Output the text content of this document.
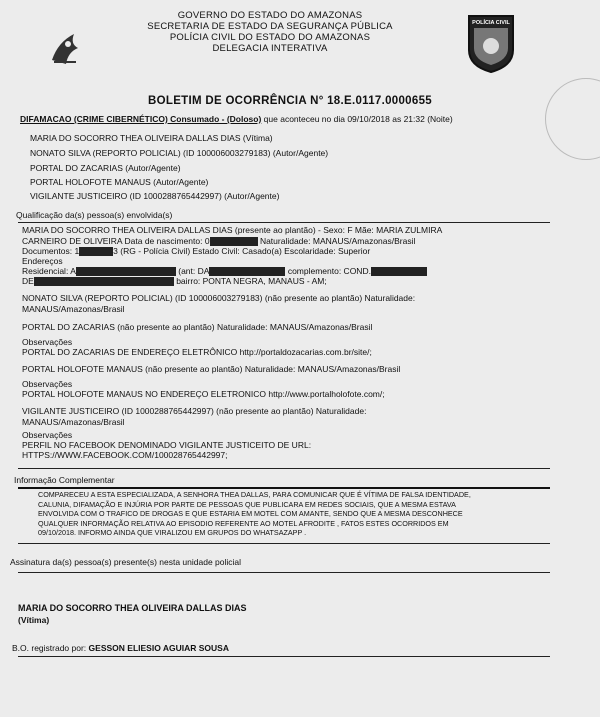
POLÍCIA CIVIL
GOVERNO DO ESTADO DO AMAZONAS
SECRETARIA DE ESTADO DA SEGURANÇA PÚBLICA
POLÍCIA CIVIL DO ESTADO DO AMAZONAS
DELEGACIA INTERATIVA
BOLETIM DE OCORRÊNCIA N° 18.E.0117.0000655
DIFAMACAO (CRIME CIBERNÉTICO) Consumado - (Doloso) que aconteceu no dia 09/10/2018 as 21:32 (Noite)
MARIA DO SOCORRO THEA OLIVEIRA DALLAS DIAS (Vítima)
NONATO SILVA (REPORTO POLICIAL) (ID 100006003279183) (Autor/Agente)
PORTAL DO ZACARIAS (Autor/Agente)
PORTAL HOLOFOTE MANAUS (Autor/Agente)
VIGILANTE JUSTICEIRO (ID 1000288765442997) (Autor/Agente)
Qualificação da(s) pessoa(s) envolvida(s)
MARIA DO SOCORRO THEA OLIVEIRA DALLAS DIAS (presente ao plantão) - Sexo: F Mãe: MARIA ZULMIRA
CARNEIRO DE OLIVEIRA Data de nascimento: 0	Naturalidade: MANAUS/Amazonas/Brasil
Documentos: 1	3 (RG - Polícia Civil) Estado Civil: Casado(a) Escolaridade: Superior
Endereços
Residencial: A	(ant: DA	complemento: COND.
DE	bairro: PONTA NEGRA, MANAUS - AM;
NONATO SILVA (REPORTO POLICIAL) (ID 100006003279183) (não presente ao plantão) Naturalidade:
MANAUS/Amazonas/Brasil
PORTAL DO ZACARIAS (não presente ao plantão) Naturalidade: MANAUS/Amazonas/Brasil
Observações
PORTAL DO ZACARIAS DE ENDEREÇO ELETRÔNICO http://portaldozacarias.com.br/site/;
PORTAL HOLOFOTE MANAUS (não presente ao plantão) Naturalidade: MANAUS/Amazonas/Brasil
Observações
PORTAL HOLOFOTE MANAUS NO ENDEREÇO ELETRONICO http://www.portalholofote.com/;
VIGILANTE JUSTICEIRO (ID 1000288765442997) (não presente ao plantão) Naturalidade:
MANAUS/Amazonas/Brasil
Observações
PERFIL NO FACEBOOK DENOMINADO VIGILANTE JUSTICEITO DE URL:
HTTPS://WWW.FACEBOOK.COM/100028765442997;
Informação Complementar
COMPARECEU A ESTA ESPECIALIZADA, A SENHORA THEA DALLAS, PARA COMUNICAR QUE É VÍTIMA DE FALSA IDENTIDADE,
CALUNIA, DIFAMAÇÃO E INJÚRIA POR PARTE DE PESSOAS QUE PUBLICARA EM REDES SOCIAIS, QUE A MESMA ESTAVA
ENVOLVIDA COM O TRAFICO DE DROGAS E QUE ESTARIA EM MOTEL COM AMANTE, SENDO QUE A MESMA DESCONHECE
QUALQUER INFORMAÇÃO RELATIVA AO EPISODIO REFERENTE AO MOTEL AFRODITE , FATOS ESTES OCORRIDOS EM
09/10/2018. INFORMO AINDA QUE VIRALIZOU EM GRUPOS DO WHATSAZAPP .
Assinatura da(s) pessoa(s) presente(s) nesta unidade policial
MARIA DO SOCORRO THEA OLIVEIRA DALLAS DIAS
(Vítima)
B.O. registrado por: GESSON ELIESIO AGUIAR SOUSA
